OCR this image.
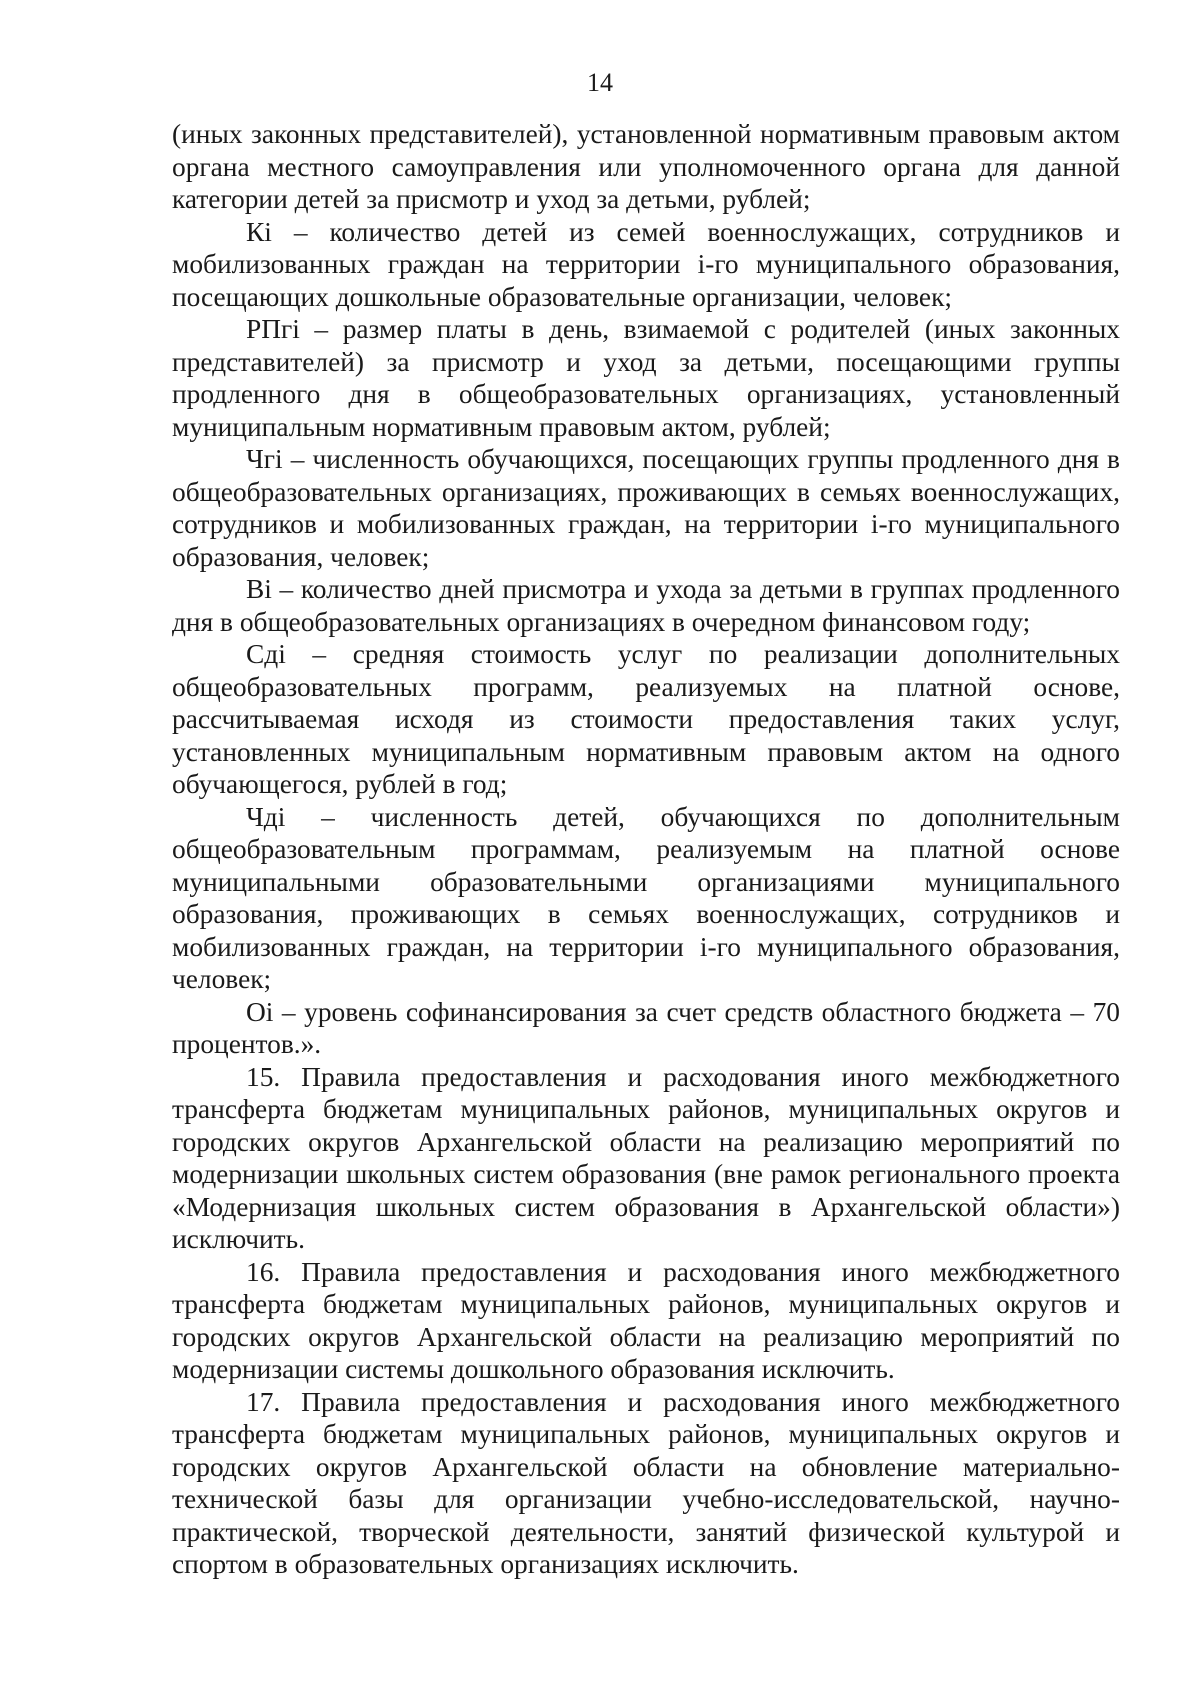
14

(иных законных представителей), установленной нормативным правовым актом органа местного самоуправления или уполномоченного органа для данной категории детей за присмотр и уход за детьми, рублей;

Кi – количество детей из семей военнослужащих, сотрудников и мобилизованных граждан на территории i-го муниципального образования, посещающих дошкольные образовательные организации, человек;

РПгi – размер платы в день, взимаемой с родителей (иных законных представителей) за присмотр и уход за детьми, посещающими группы продленного дня в общеобразовательных организациях, установленный муниципальным нормативным правовым актом, рублей;

Чгi – численность обучающихся, посещающих группы продленного дня в общеобразовательных организациях, проживающих в семьях военнослужащих, сотрудников и мобилизованных граждан, на территории i-го муниципального образования, человек;

Вi – количество дней присмотра и ухода за детьми в группах продленного дня в общеобразовательных организациях в очередном финансовом году;

Сдi – средняя стоимость услуг по реализации дополнительных общеобразовательных программ, реализуемых на платной основе, рассчитываемая исходя из стоимости предоставления таких услуг, установленных муниципальным нормативным правовым актом на одного обучающегося, рублей в год;

Чдi – численность детей, обучающихся по дополнительным общеобразовательным программам, реализуемым на платной основе муниципальными образовательными организациями муниципального образования, проживающих в семьях военнослужащих, сотрудников и мобилизованных граждан, на территории i-го муниципального образования, человек;

Оi – уровень софинансирования за счет средств областного бюджета – 70 процентов.».

15. Правила предоставления и расходования иного межбюджетного трансферта бюджетам муниципальных районов, муниципальных округов и городских округов Архангельской области на реализацию мероприятий по модернизации школьных систем образования (вне рамок регионального проекта «Модернизация школьных систем образования в Архангельской области») исключить.

16. Правила предоставления и расходования иного межбюджетного трансферта бюджетам муниципальных районов, муниципальных округов и городских округов Архангельской области на реализацию мероприятий по модернизации системы дошкольного образования исключить.

17. Правила предоставления и расходования иного межбюджетного трансферта бюджетам муниципальных районов, муниципальных округов и городских округов Архангельской области на обновление материально-технической базы для организации учебно-исследовательской, научно-практической, творческой деятельности, занятий физической культурой и спортом в образовательных организациях исключить.
